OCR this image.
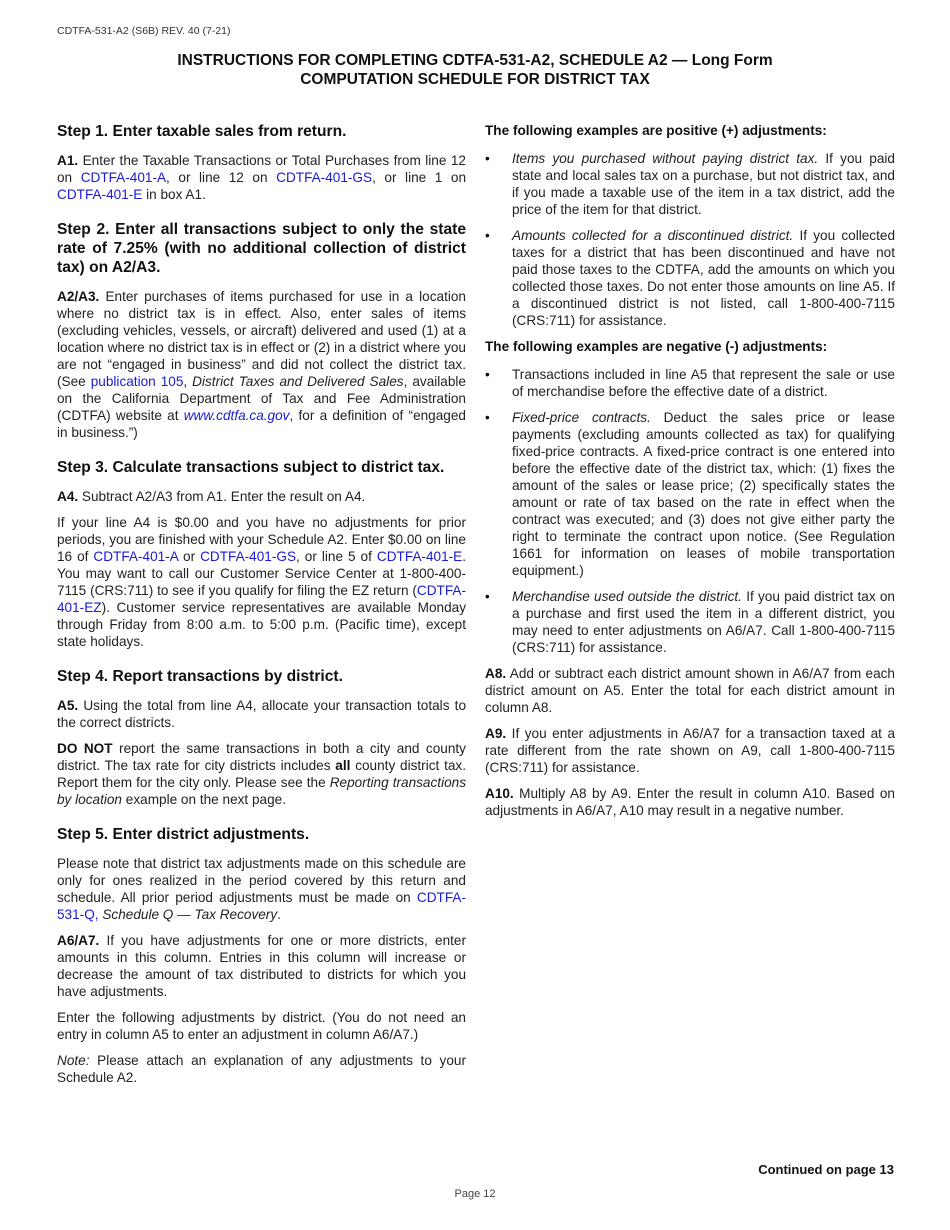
CDTFA-531-A2 (S6B) REV. 40 (7-21)
INSTRUCTIONS FOR COMPLETING CDTFA-531-A2, SCHEDULE A2 — Long Form
COMPUTATION SCHEDULE FOR DISTRICT TAX
Step 1. Enter taxable sales from return.

A1. Enter the Taxable Transactions or Total Purchases from line 12 on CDTFA-401-A, or line 12 on CDTFA-401-GS, or line 1 on CDTFA-401-E in box A1.

Step 2. Enter all transactions subject to only the state rate of 7.25% (with no additional collection of district tax) on A2/A3.

A2/A3. Enter purchases of items purchased for use in a location where no district tax is in effect. Also, enter sales of items (excluding vehicles, vessels, or aircraft) delivered and used (1) at a location where no district tax is in effect or (2) in a district where you are not “engaged in business” and did not collect the district tax. (See publication 105, District Taxes and Delivered Sales, available on the California Department of Tax and Fee Administration (CDTFA) website at www.cdtfa.ca.gov, for a definition of “engaged in business.”)

Step 3. Calculate transactions subject to district tax.

A4. Subtract A2/A3 from A1. Enter the result on A4.

If your line A4 is $0.00 and you have no adjustments for prior periods, you are finished with your Schedule A2. Enter $0.00 on line 16 of CDTFA-401-A or CDTFA-401-GS, or line 5 of CDTFA-401-E. You may want to call our Customer Service Center at 1-800-400-7115 (CRS:711) to see if you qualify for filing the EZ return (CDTFA-401-EZ). Customer service representatives are available Monday through Friday from 8:00 a.m. to 5:00 p.m. (Pacific time), except state holidays.

Step 4. Report transactions by district.

A5. Using the total from line A4, allocate your transaction totals to the correct districts.

DO NOT report the same transactions in both a city and county district. The tax rate for city districts includes all county district tax. Report them for the city only. Please see the Reporting transactions by location example on the next page.

Step 5. Enter district adjustments.

Please note that district tax adjustments made on this schedule are only for ones realized in the period covered by this return and schedule. All prior period adjustments must be made on CDTFA-531-Q, Schedule Q — Tax Recovery.

A6/A7. If you have adjustments for one or more districts, enter amounts in this column. Entries in this column will increase or decrease the amount of tax distributed to districts for which you have adjustments.

Enter the following adjustments by district. (You do not need an entry in column A5 to enter an adjustment in column A6/A7.)

Note: Please attach an explanation of any adjustments to your Schedule A2.

The following examples are positive (+) adjustments:
• Items you purchased without paying district tax. If you paid state and local sales tax on a purchase, but not district tax, and if you made a taxable use of the item in a tax district, add the price of the item for that district.
• Amounts collected for a discontinued district. If you collected taxes for a district that has been discontinued and have not paid those taxes to the CDTFA, add the amounts on which you collected those taxes. Do not enter those amounts on line A5. If a discontinued district is not listed, call 1-800-400-7115 (CRS:711) for assistance.
The following examples are negative (-) adjustments:
• Transactions included in line A5 that represent the sale or use of merchandise before the effective date of a district.
• Fixed-price contracts. Deduct the sales price or lease payments (excluding amounts collected as tax) for qualifying fixed-price contracts. A fixed-price contract is one entered into before the effective date of the district tax, which: (1) fixes the amount of the sales or lease price; (2) specifically states the amount or rate of tax based on the rate in effect when the contract was executed; and (3) does not give either party the right to terminate the contract upon notice. (See Regulation 1661 for information on leases of mobile transportation equipment.)
• Merchandise used outside the district. If you paid district tax on a purchase and first used the item in a different district, you may need to enter adjustments on A6/A7. Call 1-800-400-7115 (CRS:711) for assistance.

A8. Add or subtract each district amount shown in A6/A7 from each district amount on A5. Enter the total for each district amount in column A8.

A9. If you enter adjustments in A6/A7 for a transaction taxed at a rate different from the rate shown on A9, call 1-800-400-7115 (CRS:711) for assistance.

A10. Multiply A8 by A9. Enter the result in column A10. Based on adjustments in A6/A7, A10 may result in a negative number.

Continued on page 13
Page 12
